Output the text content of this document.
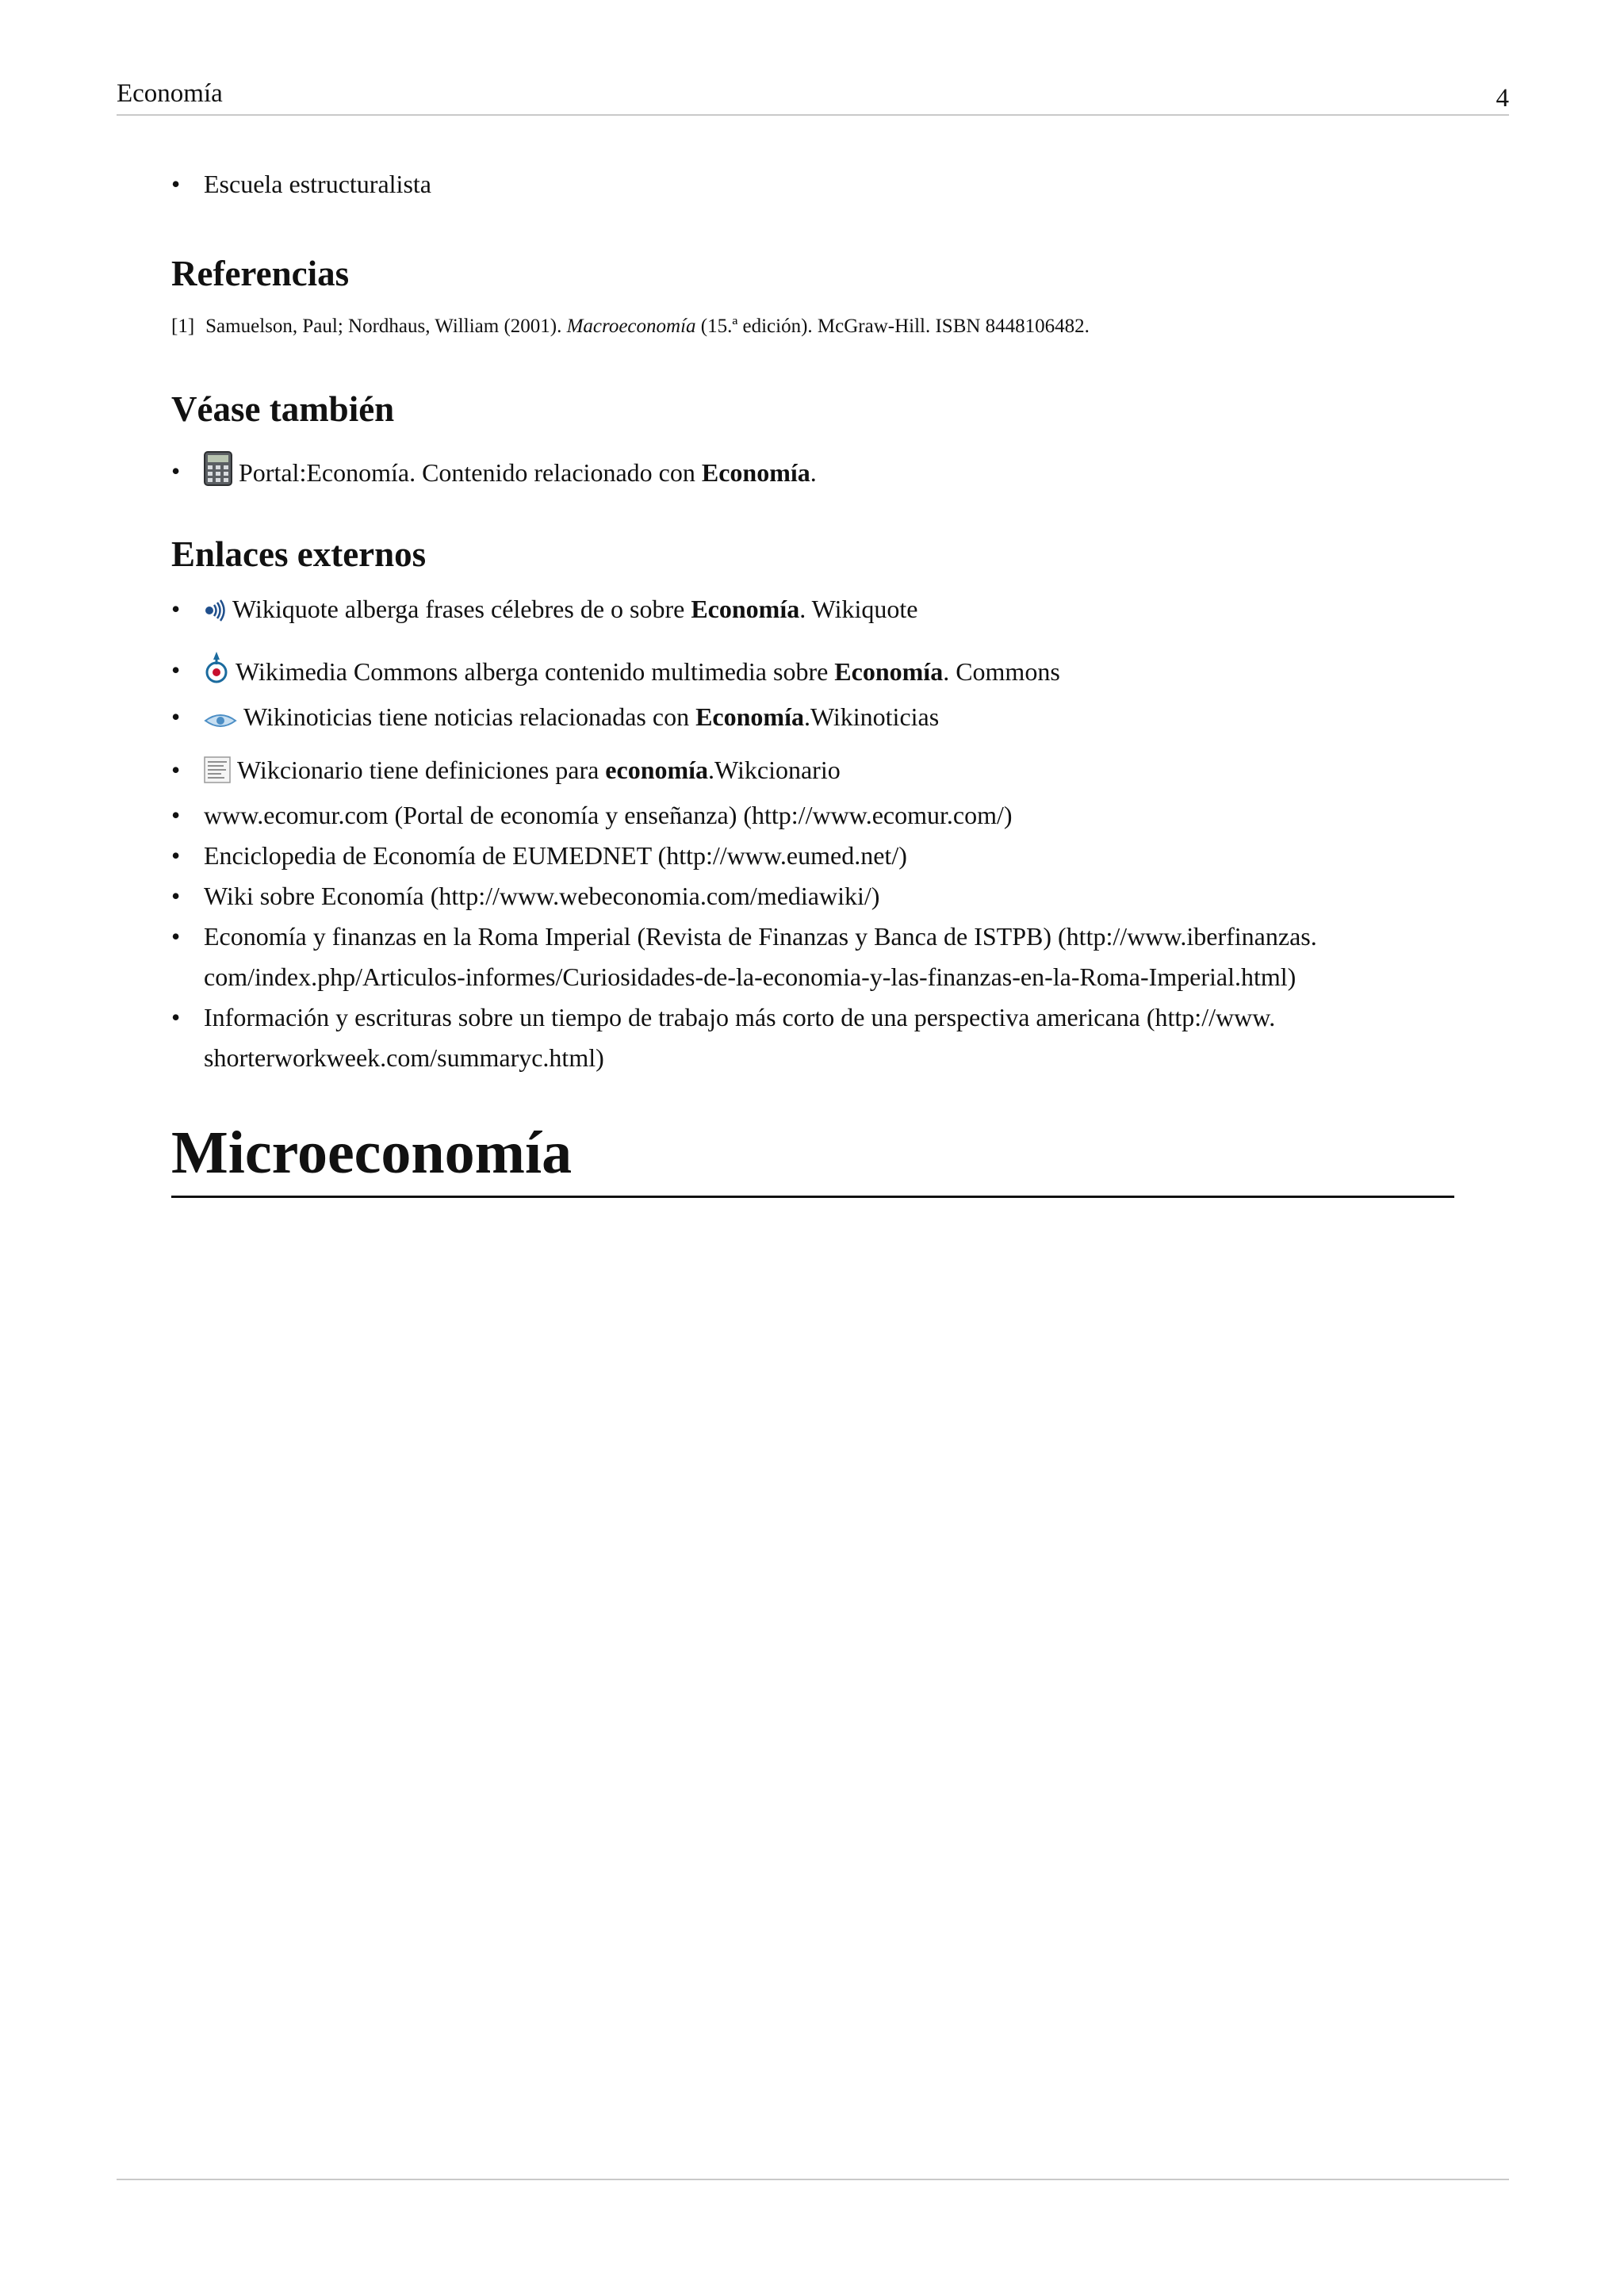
Economía	4
• Escuela estructuralista
Referencias
[1] Samuelson, Paul; Nordhaus, William (2001). Macroeconomía (15.ª edición). McGraw-Hill. ISBN 8448106482.
Véase también
• Portal:Economía. Contenido relacionado con Economía.
Enlaces externos
• Wikiquote alberga frases célebres de o sobre Economía. Wikiquote
• Wikimedia Commons alberga contenido multimedia sobre Economía. Commons
• Wikinoticias tiene noticias relacionadas con Economía.Wikinoticias
• Wikcionario tiene definiciones para economía.Wikcionario
• www.ecomur.com (Portal de economía y enseñanza) (http://www.ecomur.com/)
• Enciclopedia de Economía de EUMEDNET (http://www.eumed.net/)
• Wiki sobre Economía (http://www.webeconomia.com/mediawiki/)
• Economía y finanzas en la Roma Imperial (Revista de Finanzas y Banca de ISTPB) (http://www.iberfinanzas.
com/index.php/Articulos-informes/Curiosidades-de-la-economia-y-las-finanzas-en-la-Roma-Imperial.html)
• Información y escrituras sobre un tiempo de trabajo más corto de una perspectiva americana (http://www.
shorterworkweek.com/summaryc.html)
Microeconomía
